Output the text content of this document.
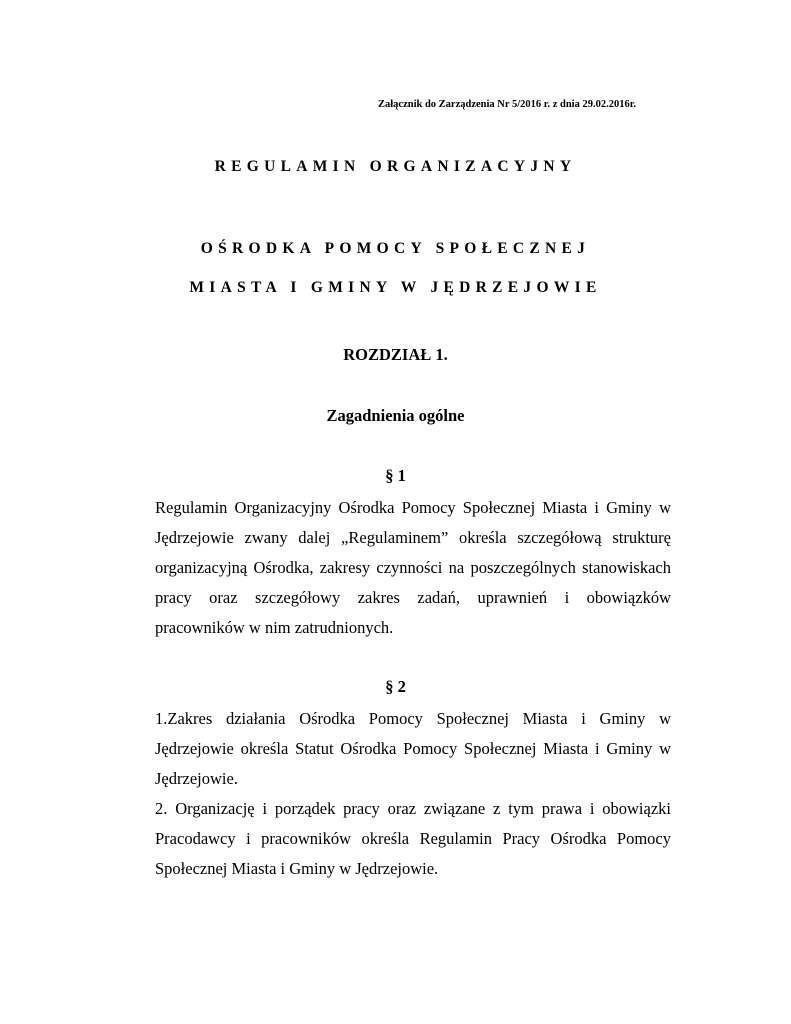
Załącznik do Zarządzenia Nr 5/2016 r. z dnia 29.02.2016r.
REGULAMIN ORGANIZACYJNY
OŚRODKA POMOCY SPOŁECZNEJ
MIASTA I GMINY W JĘDRZEJOWIE
ROZDZIAŁ 1.
Zagadnienia ogólne
§ 1
Regulamin Organizacyjny Ośrodka Pomocy Społecznej Miasta i Gminy w Jędrzejowie zwany dalej „Regulaminem” określa szczegółową strukturę organizacyjną Ośrodka, zakresy czynności na poszczególnych stanowiskach pracy oraz szczegółowy zakres zadań, uprawnień i obowiązków pracowników w nim zatrudnionych.
§ 2
1.Zakres działania Ośrodka Pomocy Społecznej Miasta i Gminy w Jędrzejowie określa Statut Ośrodka Pomocy Społecznej Miasta i Gminy w Jędrzejowie.
2. Organizację i porządek pracy oraz związane z tym prawa i obowiązki Pracodawcy i pracowników określa Regulamin Pracy Ośrodka Pomocy Społecznej Miasta i Gminy w Jędrzejowie.
